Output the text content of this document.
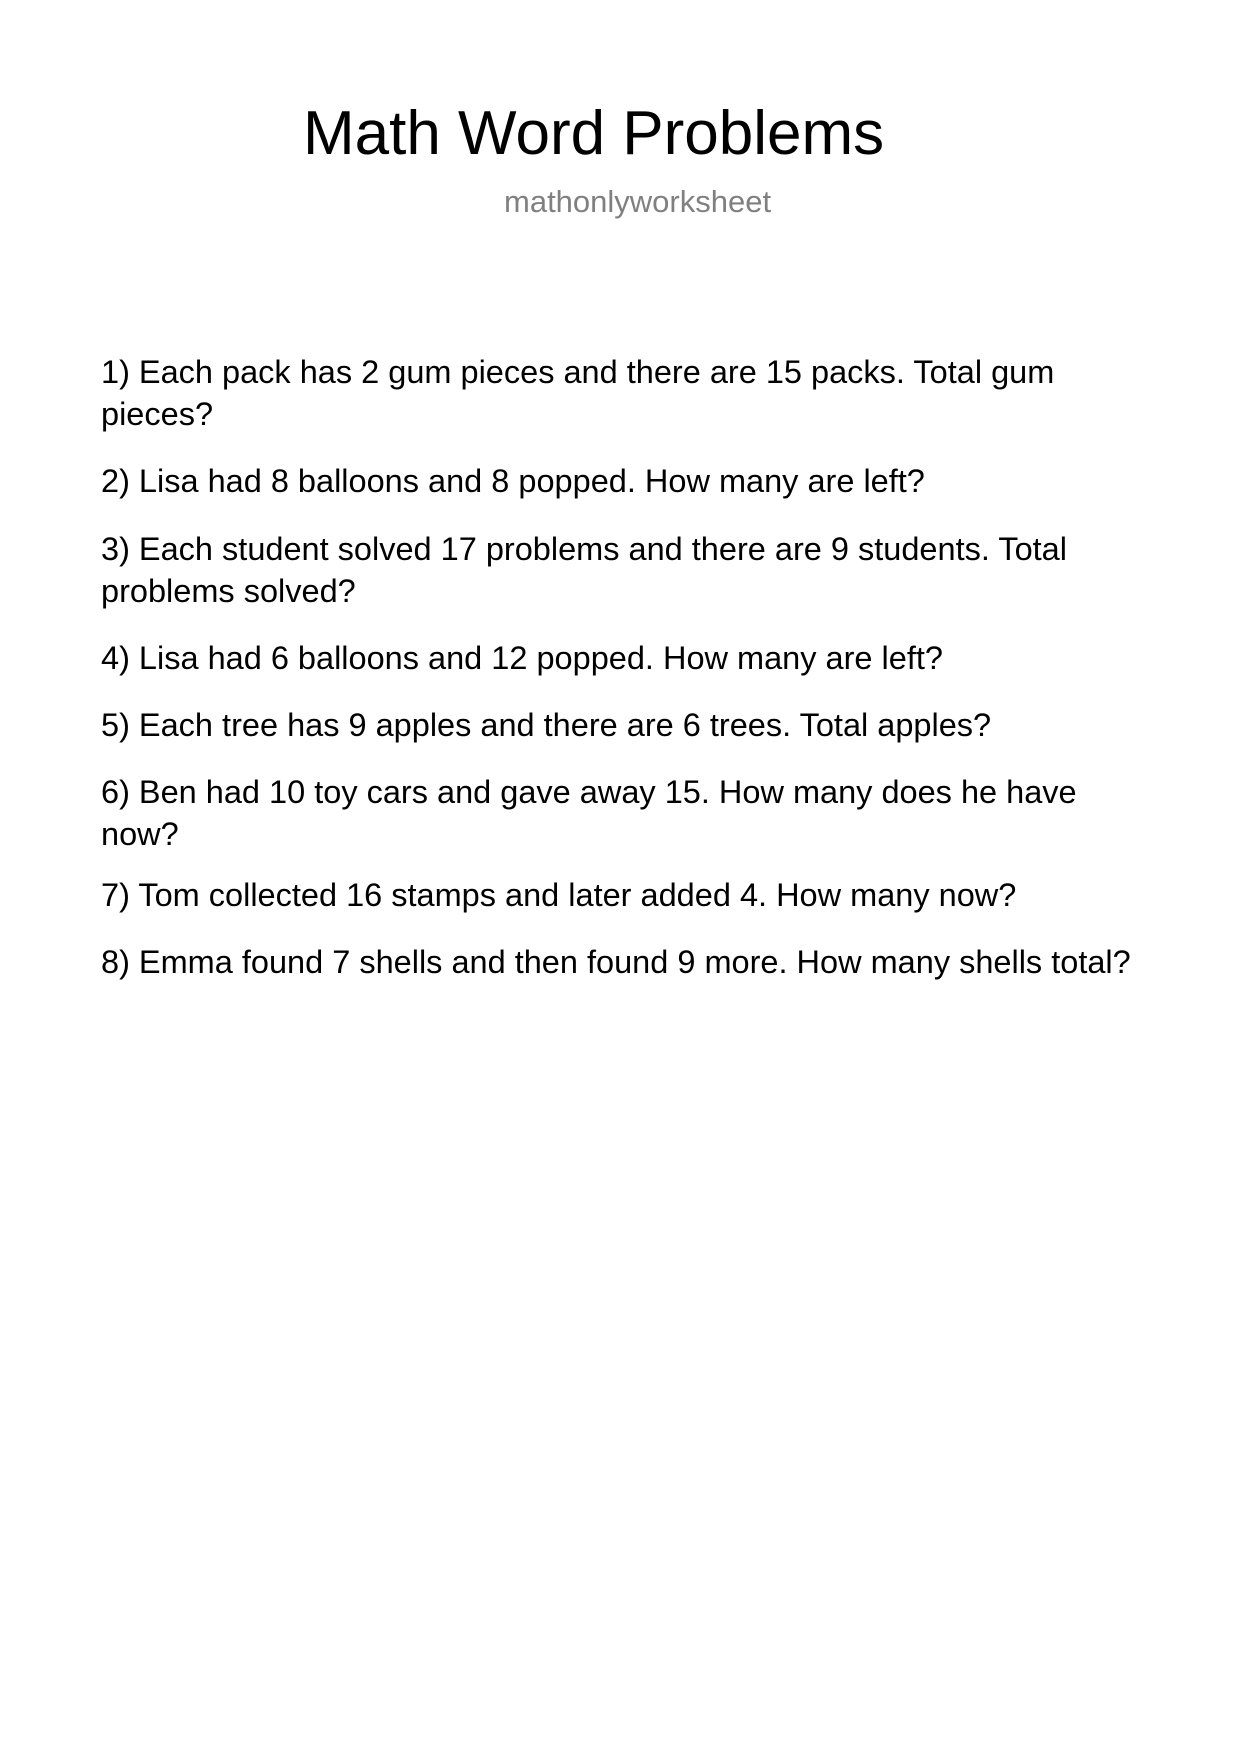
Math Word Problems
mathonlyworksheet
1) Each pack has 2 gum pieces and there are 15 packs. Total gum pieces?
2) Lisa had 8 balloons and 8 popped. How many are left?
3) Each student solved 17 problems and there are 9 students. Total problems solved?
4) Lisa had 6 balloons and 12 popped. How many are left?
5) Each tree has 9 apples and there are 6 trees. Total apples?
6) Ben had 10 toy cars and gave away 15. How many does he have now?
7) Tom collected 16 stamps and later added 4. How many now?
8) Emma found 7 shells and then found 9 more. How many shells total?
